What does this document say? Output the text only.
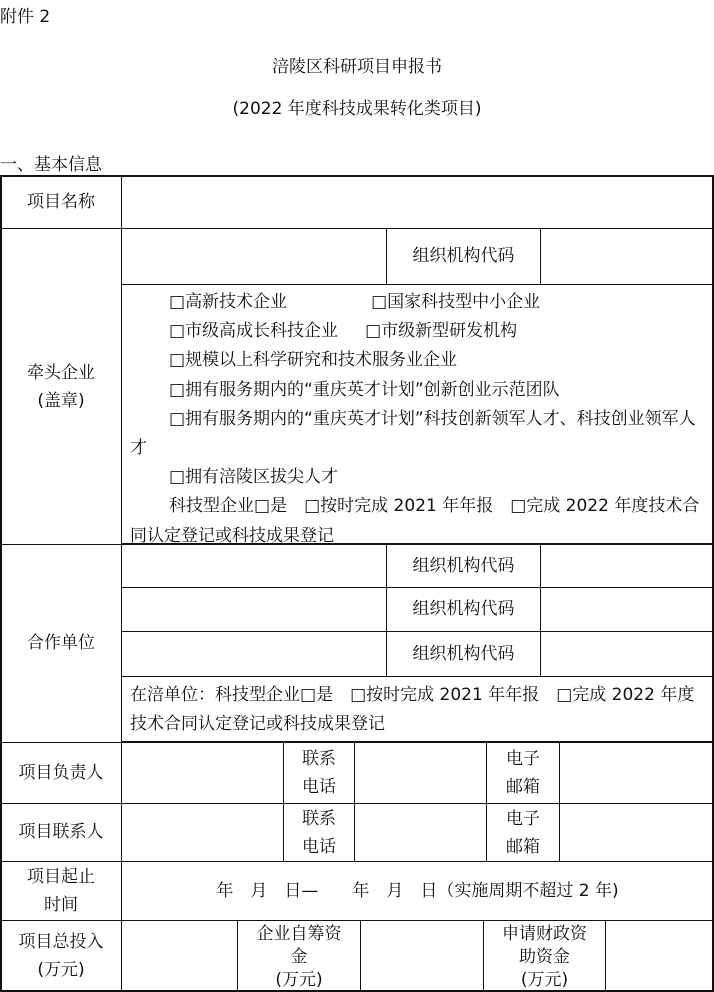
附件 2
涪陵区科研项目申报书
(2022 年度科技成果转化类项目)
一、基本信息
项目名称
牵头企业
(盖章)
组织机构代码
□高新技术企业	□国家科技型中小企业
□市级高成长科技企业 □市级新型研发机构
□规模以上科学研究和技术服务业企业
□拥有服务期内的“重庆英才计划”创新创业示范团队
□拥有服务期内的“重庆英才计划”科技创新领军人才、科技创业领军人才
□拥有涪陵区拔尖人才
科技型企业□是 □按时完成 2021 年年报 □完成 2022 年度技术合同认定登记或科技成果登记
合作单位
组织机构代码
组织机构代码
组织机构代码
在涪单位：科技型企业□是 □按时完成 2021 年年报 □完成 2022 年度技术合同认定登记或科技成果登记
项目负责人
联系
电话
电子
邮箱
项目联系人
联系
电话
电子
邮箱
项目起止
时间
年　月　日—　　年　月　日（实施周期不超过 2 年)
项目总投入
(万元)
企业自筹资
金
(万元)
申请财政资
助资金
(万元)
